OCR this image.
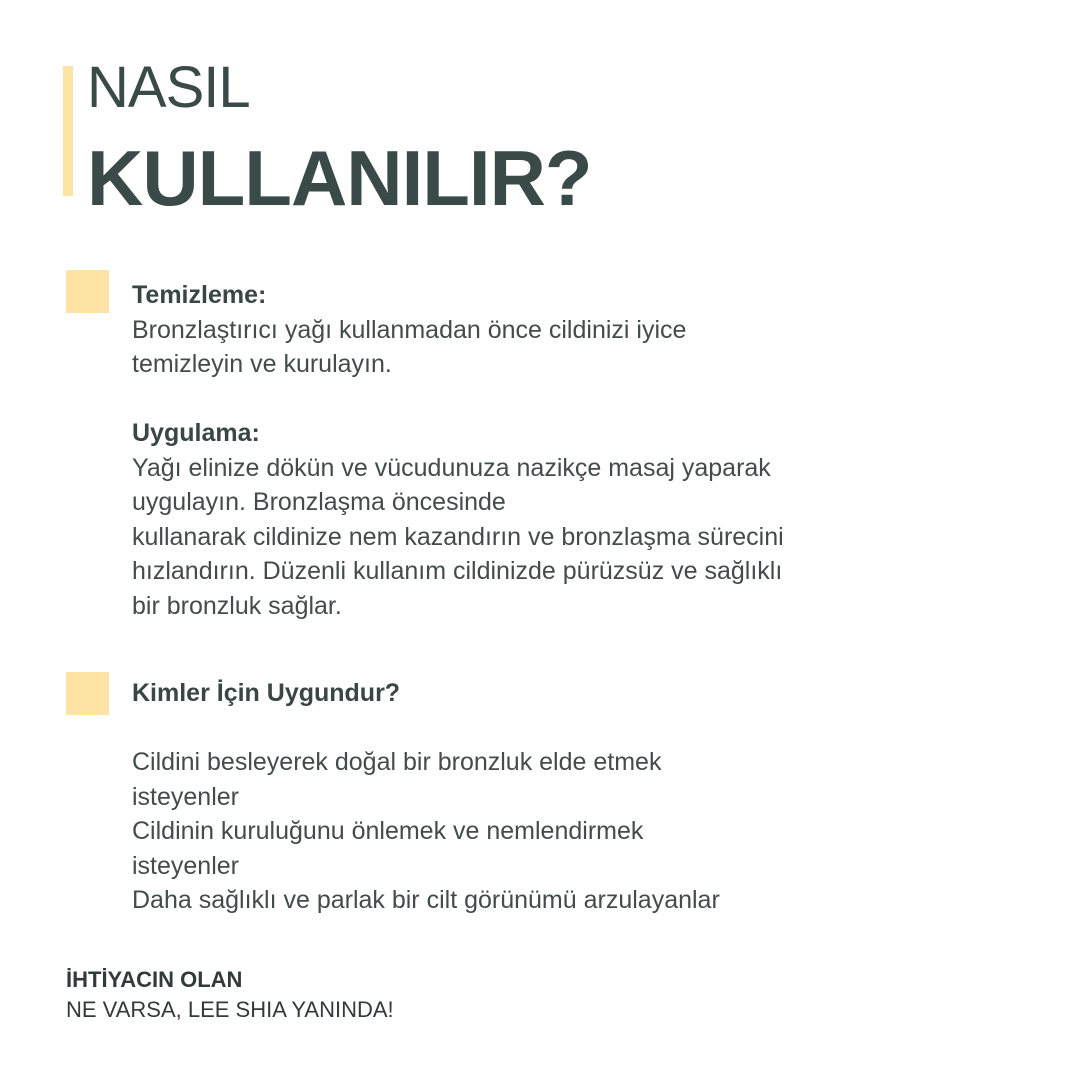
NASIL
KULLANILIR?
Temizleme:
Bronzlaştırıcı yağı kullanmadan önce cildinizi iyice
temizleyin ve kurulayın.
Uygulama:
Yağı elinize dökün ve vücudunuza nazikçe masaj yaparak
uygulayın. Bronzlaşma öncesinde
kullanarak cildinize nem kazandırın ve bronzlaşma sürecini
hızlandırın. Düzenli kullanım cildinizde pürüzsüz ve sağlıklı
bir bronzluk sağlar.
Kimler İçin Uygundur?
Cildini besleyerek doğal bir bronzluk elde etmek
isteyenler
Cildinin kuruluğunu önlemek ve nemlendirmek
isteyenler
Daha sağlıklı ve parlak bir cilt görünümü arzulayanlar
İHTİYACIN OLAN
NE VARSA, LEE SHIA YANINDA!
